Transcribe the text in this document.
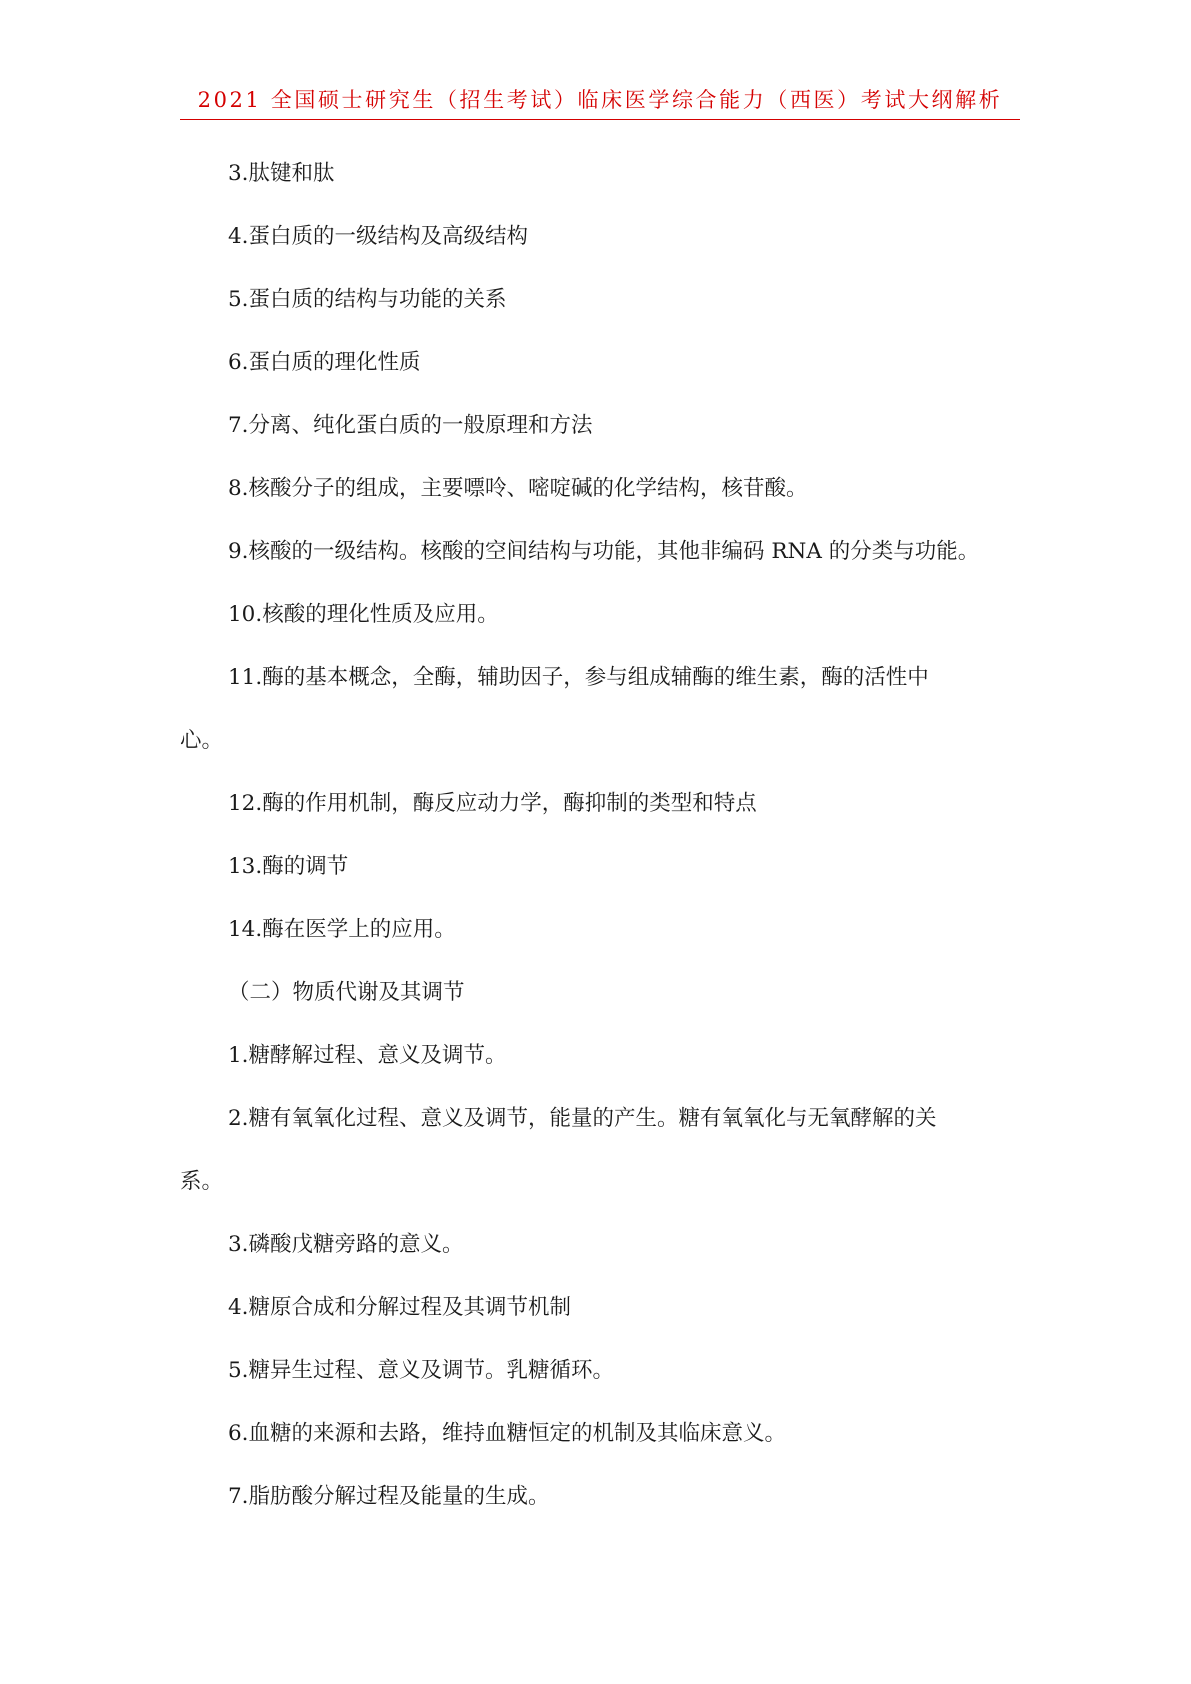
2021 全国硕士研究生（招生考试）临床医学综合能力（西医）考试大纲解析
3.肽键和肽
4.蛋白质的一级结构及高级结构
5.蛋白质的结构与功能的关系
6.蛋白质的理化性质
7.分离、纯化蛋白质的一般原理和方法
8.核酸分子的组成，主要嘌呤、嘧啶碱的化学结构，核苷酸。
9.核酸的一级结构。核酸的空间结构与功能，其他非编码 RNA 的分类与功能。
10.核酸的理化性质及应用。
11.酶的基本概念，全酶，辅助因子，参与组成辅酶的维生素，酶的活性中
心。
12.酶的作用机制，酶反应动力学，酶抑制的类型和特点
13.酶的调节
14.酶在医学上的应用。
（二）物质代谢及其调节
1.糖酵解过程、意义及调节。
2.糖有氧氧化过程、意义及调节，能量的产生。糖有氧氧化与无氧酵解的关
系。
3.磷酸戊糖旁路的意义。
4.糖原合成和分解过程及其调节机制
5.糖异生过程、意义及调节。乳糖循环。
6.血糖的来源和去路，维持血糖恒定的机制及其临床意义。
7.脂肪酸分解过程及能量的生成。
